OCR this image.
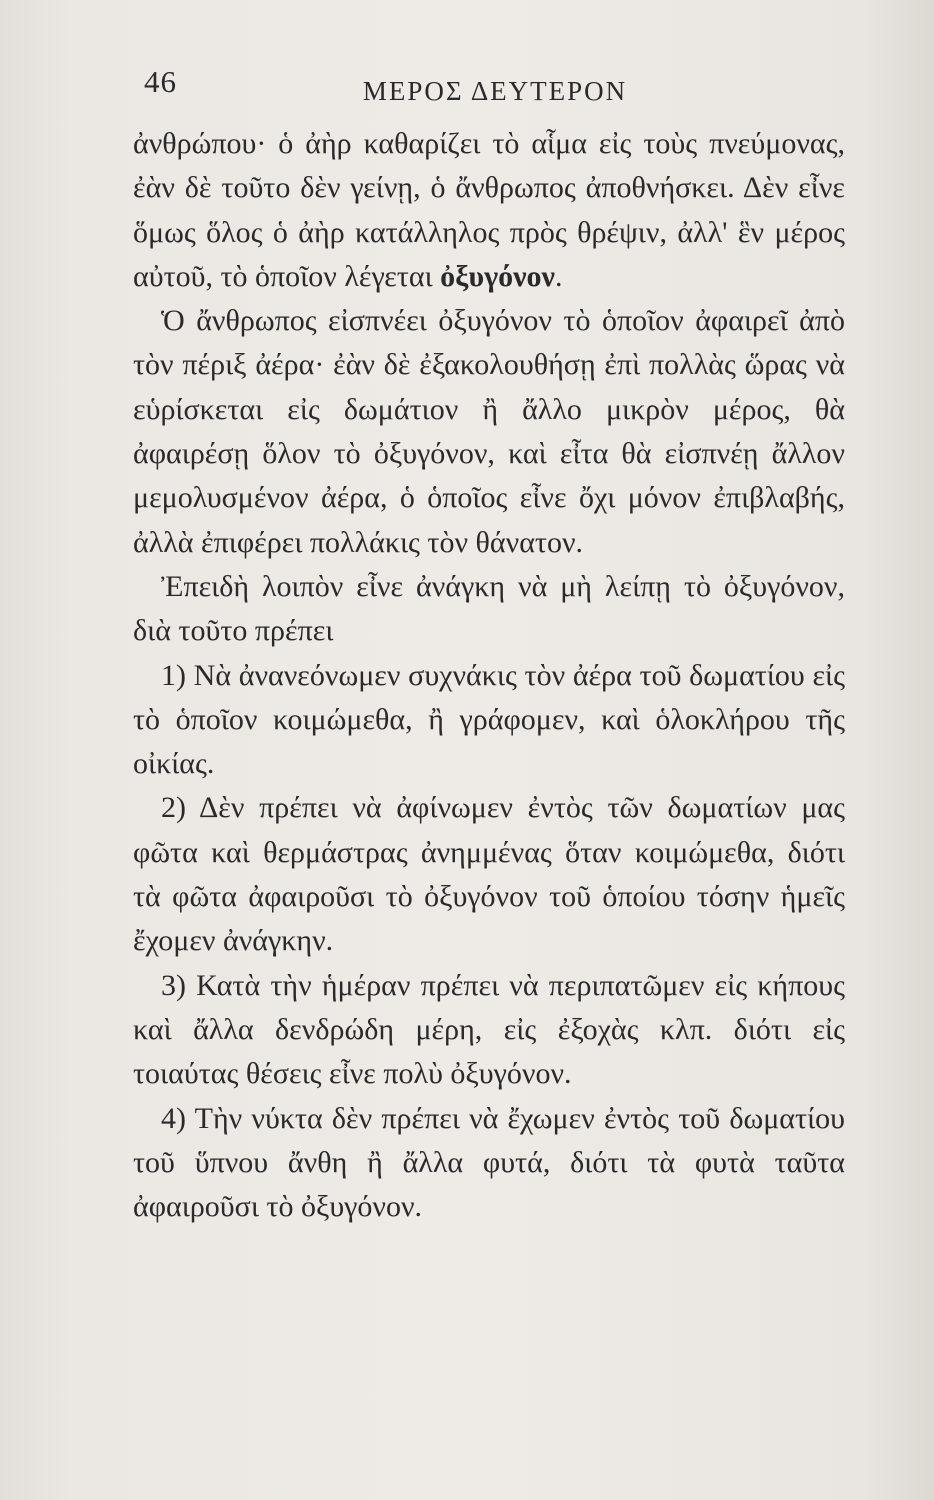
46	ΜΕΡΟΣ ΔΕΥΤΕΡΟΝ

ἀνθρώπου· ὁ ἀὴρ καθαρίζει τὸ αἷμα εἰς τοὺς πνεύμονας, ἐὰν δὲ τοῦτο δὲν γείνῃ, ὁ ἄνθρωπος ἀποθνήσκει. Δὲν εἶνε ὅμως ὅλος ὁ ἀὴρ κατάλληλος πρὸς θρέψιν, ἀλλ' ἓν μέρος αὐτοῦ, τὸ ὁποῖον λέγεται ὀξυγόνον.

Ὁ ἄνθρωπος εἰσπνέει ὀξυγόνον τὸ ὁποῖον ἀφαιρεῖ ἀπὸ τὸν πέριξ ἀέρα· ἐὰν δὲ ἐξακολουθήσῃ ἐπὶ πολλὰς ὥρας νὰ εὑρίσκεται εἰς δωμάτιον ἢ ἄλλο μικρὸν μέρος, θὰ ἀφαιρέσῃ ὅλον τὸ ὀξυγόνον, καὶ εἶτα θὰ εἰσπνέῃ ἄλλον μεμολυσμένον ἀέρα, ὁ ὁποῖος εἶνε ὄχι μόνον ἐπιβλαβής, ἀλλὰ ἐπιφέρει πολλάκις τὸν θάνατον.

Ἐπειδὴ λοιπὸν εἶνε ἀνάγκη νὰ μὴ λείπῃ τὸ ὀξυγόνον, διὰ τοῦτο πρέπει

1) Νὰ ἀνανεόνωμεν συχνάκις τὸν ἀέρα τοῦ δωματίου εἰς τὸ ὁποῖον κοιμώμεθα, ἢ γράφομεν, καὶ ὁλοκλήρου τῆς οἰκίας.

2) Δὲν πρέπει νὰ ἀφίνωμεν ἐντὸς τῶν δωματίων μας φῶτα καὶ θερμάστρας ἀνημμένας ὅταν κοιμώμεθα, διότι τὰ φῶτα ἀφαιροῦσι τὸ ὀξυγόνον τοῦ ὁποίου τόσην ἡμεῖς ἔχομεν ἀνάγκην.

3) Κατὰ τὴν ἡμέραν πρέπει νὰ περιπατῶμεν εἰς κήπους καὶ ἄλλα δενδρώδη μέρη, εἰς ἐξοχὰς κλπ. διότι εἰς τοιαύτας θέσεις εἶνε πολὺ ὀξυγόνον.

4) Τὴν νύκτα δὲν πρέπει νὰ ἔχωμεν ἐντὸς τοῦ δωματίου τοῦ ὕπνου ἄνθη ἢ ἄλλα φυτά, διότι τὰ φυτὰ ταῦτα ἀφαιροῦσι τὸ ὀξυγόνον.
